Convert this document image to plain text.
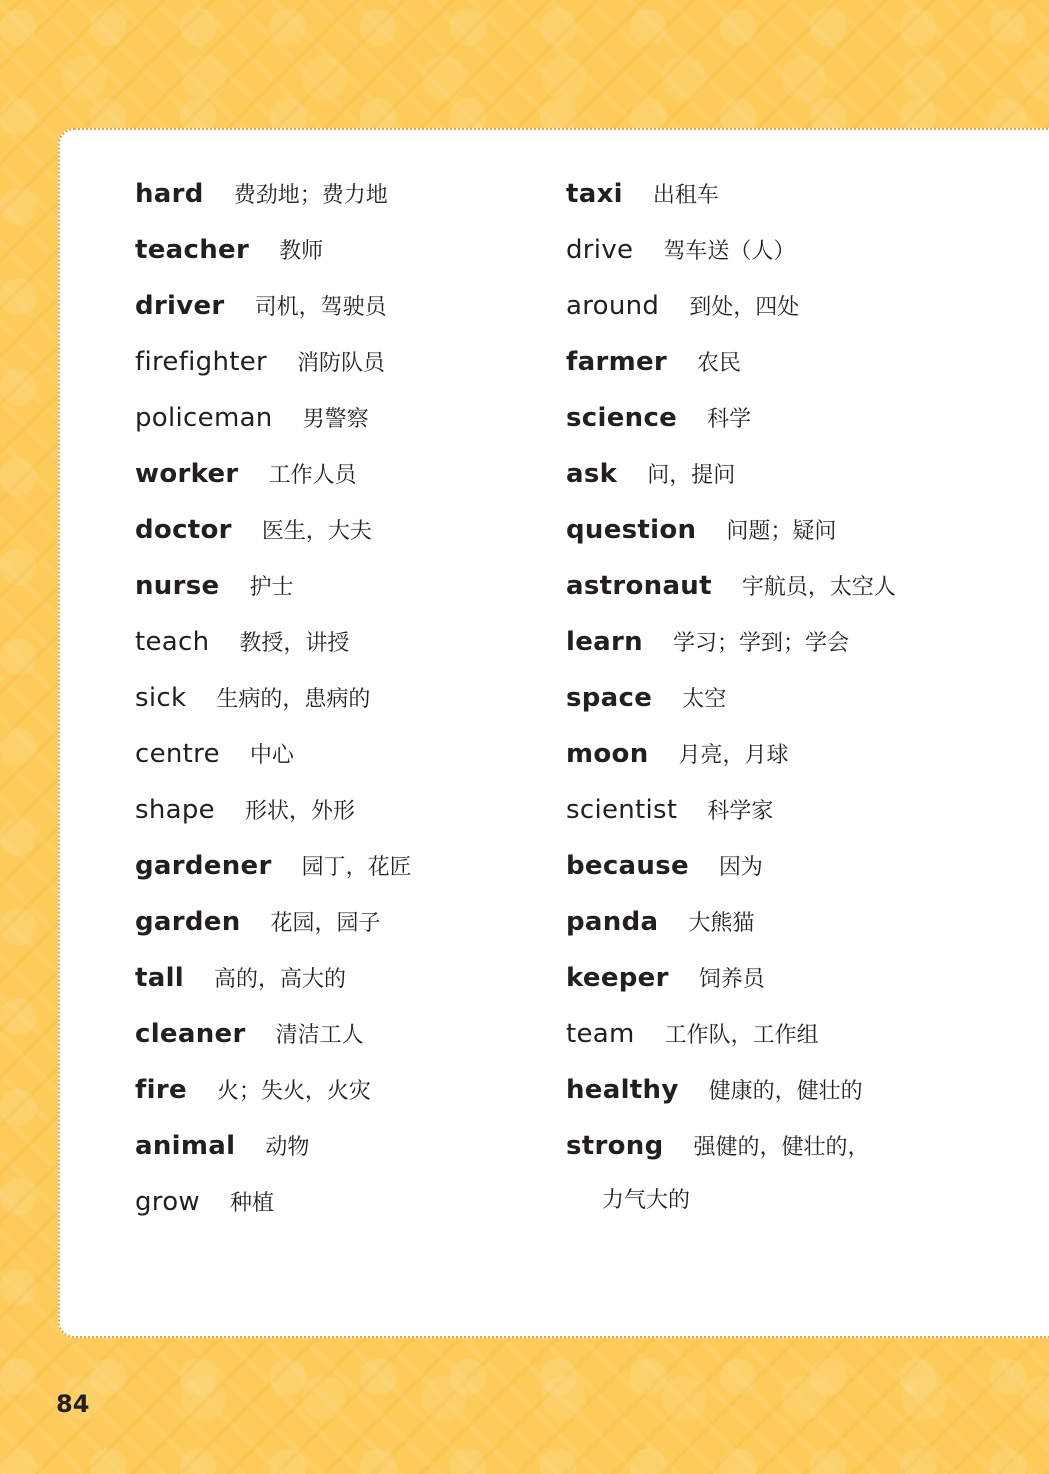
hard 费劲地；费力地
teacher 教师
driver 司机，驾驶员
firefighter 消防队员
policeman 男警察
worker 工作人员
doctor 医生，大夫
nurse 护士
teach 教授，讲授
sick 生病的，患病的
centre 中心
shape 形状，外形
gardener 园丁，花匠
garden 花园，园子
tall 高的，高大的
cleaner 清洁工人
fire 火；失火，火灾
animal 动物
grow 种植	力气大的
taxi 出租车
drive 驾车送（人）
around 到处，四处
farmer 农民
science 科学
ask 问，提问
question 问题；疑问
astronaut 宇航员，太空人
learn 学习；学到；学会
space 太空
moon 月亮，月球
scientist 科学家
because 因为
panda 大熊猫
keeper 饲养员
team 工作队，工作组
healthy 健康的，健壮的
strong 强健的，健壮的，
84
